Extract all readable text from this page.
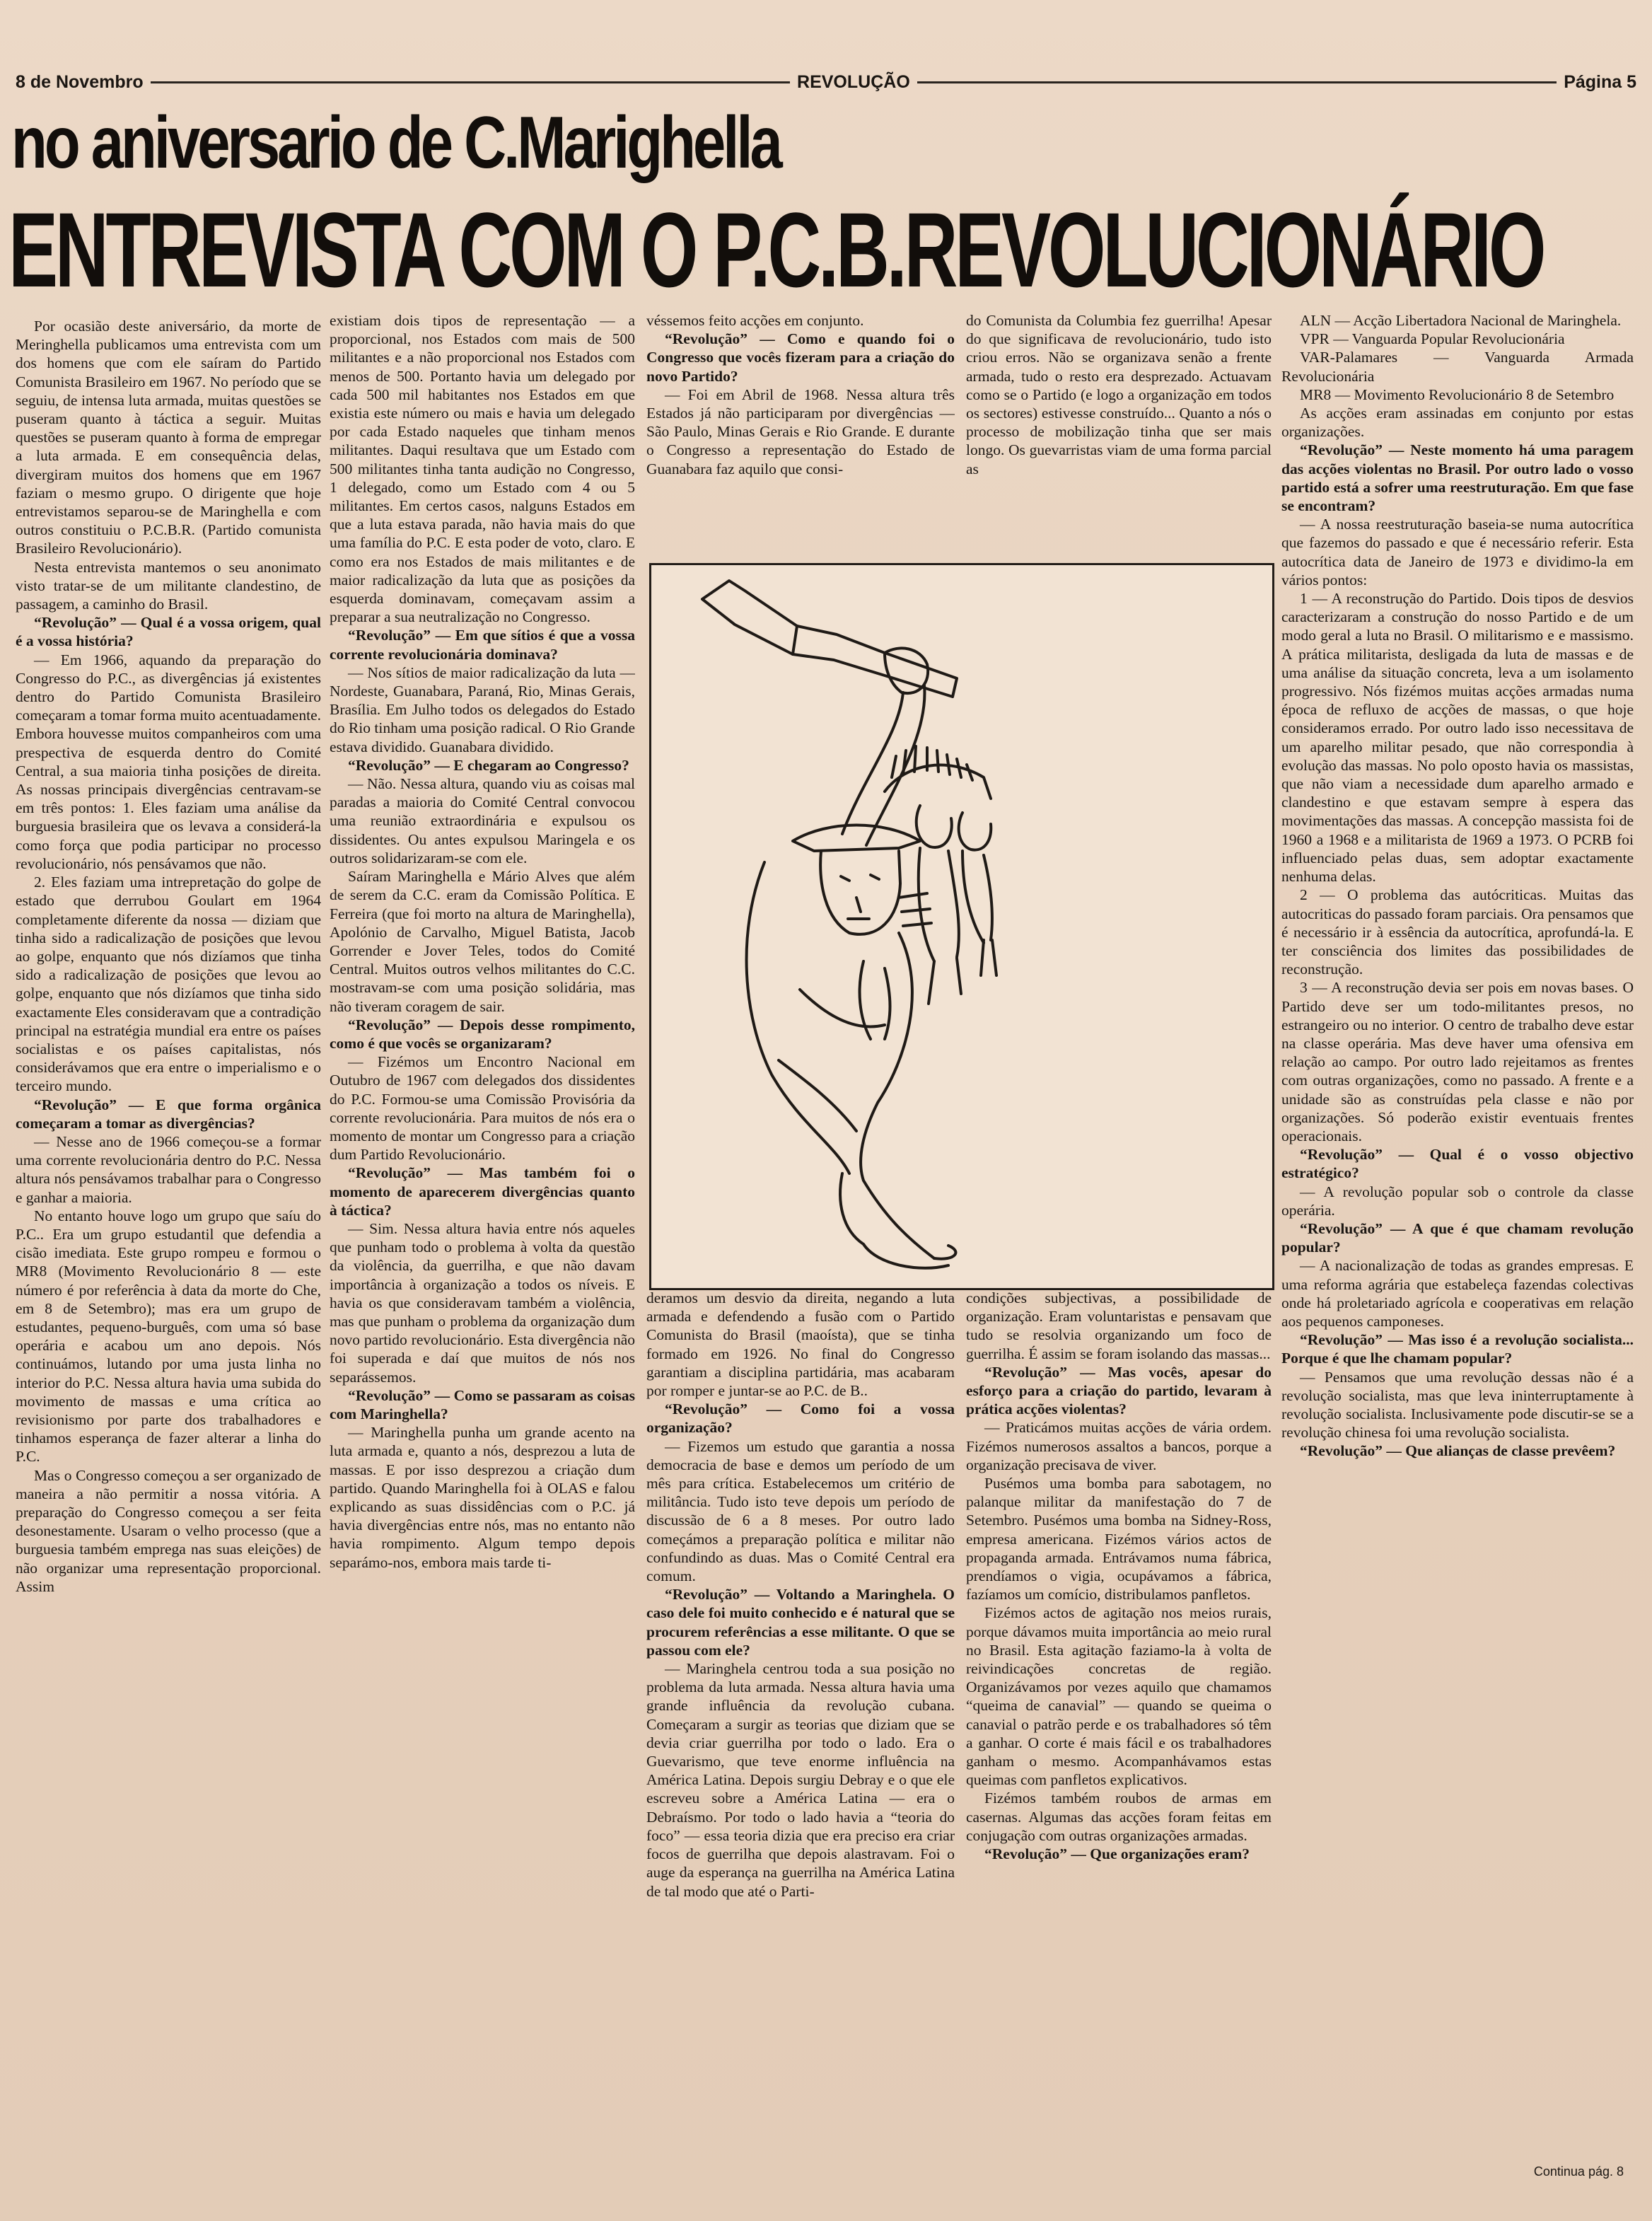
8 de Novembro	REVOLUÇÃO	Página 5
no aniversario de C.Marighella
ENTREVISTA COM O P.C.B.REVOLUCIONÁRIO

Por ocasião deste aniversário, da morte de Meringhella publicamos uma entrevista com um dos homens que com ele saíram do Partido Comunista Brasileiro em 1967. No período que se seguiu, de intensa luta armada, muitas questões se puseram quanto à táctica a seguir. Muitas questões se puseram quanto à forma de empregar a luta armada. E em consequência delas, divergiram muitos dos homens que em 1967 faziam o mesmo grupo. O dirigente que hoje entrevistamos separou-se de Maringhella e com outros constituiu o P.C.B.R. (Partido comunista Brasileiro Revolucionário).

Nesta entrevista mantemos o seu anonimato visto tratar-se de um militante clandestino, de passagem, a caminho do Brasil.

“Revolução” — Qual é a vossa origem, qual é a vossa história?

— Em 1966, aquando da preparação do Congresso do P.C., as divergências já existentes dentro do Partido Comunista Brasileiro começaram a tomar forma muito acentuadamente. Embora houvesse muitos companheiros com uma prespectiva de esquerda dentro do Comité Central, a sua maioria tinha posições de direita. As nossas principais divergências centravam-se em três pontos: 1. Eles faziam uma análise da burguesia brasileira que os levava a considerá-la como força que podia participar no processo revolucionário, nós pensávamos que não.

2. Eles faziam uma intrepretação do golpe de estado que derrubou Goulart em 1964 completamente diferente da nossa — diziam que tinha sido a radicalização de posições que levou ao golpe, enquanto que nós dizíamos que tinha sido a radicalização de posições que levou ao golpe, enquanto que nós dizíamos que tinha sido exactamente Eles consideravam que a contradição principal na estratégia mundial era entre os países socialistas e os países capitalistas, nós considerávamos que era entre o imperialismo e o terceiro mundo.

“Revolução” — E que forma orgânica começaram a tomar as divergências?

— Nesse ano de 1966 começou-se a formar uma corrente revolucionária dentro do P.C. Nessa altura nós pensávamos trabalhar para o Congresso e ganhar a maioria.

No entanto houve logo um grupo que saíu do P.C.. Era um grupo estudantil que defendia a cisão imediata. Este grupo rompeu e formou o MR8 (Movimento Revolucionário 8 — este número é por referência à data da morte do Che, em 8 de Setembro); mas era um grupo de estudantes, pequeno-burguês, com uma só base operária e acabou um ano depois. Nós continuámos, lutando por uma justa linha no interior do P.C. Nessa altura havia uma subida do movimento de massas e uma crítica ao revisionismo por parte dos trabalhadores e tinhamos esperança de fazer alterar a linha do P.C.

Mas o Congresso começou a ser organizado de maneira a não permitir a nossa vitória. A preparação do Congresso começou a ser feita desonestamente. Usaram o velho processo (que a burguesia também emprega nas suas eleições) de não organizar uma representação proporcional. Assim

existiam dois tipos de representação — a proporcional, nos Estados com mais de 500 militantes e a não proporcional nos Estados com menos de 500. Portanto havia um delegado por cada 500 mil habitantes nos Estados em que existia este número ou mais e havia um delegado por cada Estado naqueles que tinham menos militantes. Daqui resultava que um Estado com 500 militantes tinha tanta audição no Congresso, 1 delegado, como um Estado com 4 ou 5 militantes. Em certos casos, nalguns Estados em que a luta estava parada, não havia mais do que uma família do P.C. E esta poder de voto, claro. E como era nos Estados de mais militantes e de maior radicalização da luta que as posições da esquerda dominavam, começavam assim a preparar a sua neutralização no Congresso.

“Revolução” — Em que sítios é que a vossa corrente revolucionária dominava?

— Nos sítios de maior radicalização da luta — Nordeste, Guanabara, Paraná, Rio, Minas Gerais, Brasília. Em Julho todos os delegados do Estado do Rio tinham uma posição radical. O Rio Grande estava dividido. Guanabara dividido.

“Revolução” — E chegaram ao Congresso?

— Não. Nessa altura, quando viu as coisas mal paradas a maioria do Comité Central convocou uma reunião extraordinária e expulsou os dissidentes. Ou antes expulsou Maringela e os outros solidarizaram-se com ele.

Saíram Maringhella e Mário Alves que além de serem da C.C. eram da Comissão Política. E Ferreira (que foi morto na altura de Maringhella), Apolónio de Carvalho, Miguel Batista, Jacob Gorrender e Jover Teles, todos do Comité Central. Muitos outros velhos militantes do C.C. mostravam-se com uma posição solidária, mas não tiveram coragem de sair.

“Revolução” — Depois desse rompimento, como é que vocês se organizaram?

— Fizémos um Encontro Nacional em Outubro de 1967 com delegados dos dissidentes do P.C. Formou-se uma Comissão Provisória da corrente revolucionária. Para muitos de nós era o momento de montar um Congresso para a criação dum Partido Revolucionário.

“Revolução” — Mas também foi o momento de aparecerem divergências quanto à táctica?

— Sim. Nessa altura havia entre nós aqueles que punham todo o problema à volta da questão da violência, da guerrilha, e que não davam importância à organização a todos os níveis. E havia os que consideravam também a violência, mas que punham o problema da organização dum novo partido revolucionário. Esta divergência não foi superada e daí que muitos de nós nos separássemos.

“Revolução” — Como se passaram as coisas com Maringhella?

— Maringhella punha um grande acento na luta armada e, quanto a nós, desprezou a luta de massas. E por isso desprezou a criação dum partido. Quando Maringhella foi à OLAS e falou explicando as suas dissidências com o P.C. já havia divergências entre nós, mas no entanto não havia rompimento. Algum tempo depois separámo-nos, embora mais tarde ti-

véssemos feito acções em conjunto.

“Revolução” — Como e quando foi o Congresso que vocês fizeram para a criação do novo Partido?

— Foi em Abril de 1968. Nessa altura três Estados já não participaram por divergências — São Paulo, Minas Gerais e Rio Grande. E durante o Congresso a representação do Estado de Guanabara faz aquilo que consi-

do Comunista da Columbia fez guerrilha! Apesar do que significava de revolucionário, tudo isto criou erros. Não se organizava senão a frente armada, tudo o resto era desprezado. Actuavam como se o Partido (e logo a organização em todos os sectores) estivesse construído... Quanto a nós o processo de mobilização tinha que ser mais longo. Os guevarristas viam de uma forma parcial as

deramos um desvio da direita, negando a luta armada e defendendo a fusão com o Partido Comunista do Brasil (maoísta), que se tinha formado em 1926. No final do Congresso garantiam a disciplina partidária, mas acabaram por romper e juntar-se ao P.C. de B..

“Revolução” — Como foi a vossa organização?

— Fizemos um estudo que garantia a nossa democracia de base e demos um período de um mês para crítica. Estabelecemos um critério de militância. Tudo isto teve depois um período de discussão de 6 a 8 meses. Por outro lado começámos a preparação política e militar não confundindo as duas. Mas o Comité Central era comum.

“Revolução” — Voltando a Maringhela. O caso dele foi muito conhecido e é natural que se procurem referências a esse militante. O que se passou com ele?

— Maringhela centrou toda a sua posição no problema da luta armada. Nessa altura havia uma grande influência da revolução cubana. Começaram a surgir as teorias que diziam que se devia criar guerrilha por todo o lado. Era o Guevarismo, que teve enorme influência na América Latina. Depois surgiu Debray e o que ele escreveu sobre a América Latina — era o Debraísmo. Por todo o lado havia a “teoria do foco” — essa teoria dizia que era preciso era criar focos de guerrilha que depois alastravam. Foi o auge da esperança na guerrilha na América Latina de tal modo que até o Parti-

condições subjectivas, a possibilidade de organização. Eram voluntaristas e pensavam que tudo se resolvia organizando um foco de guerrilha. É assim se foram isolando das massas...

“Revolução” — Mas vocês, apesar do esforço para a criação do partido, levaram à prática acções violentas?

— Praticámos muitas acções de vária ordem. Fizémos numerosos assaltos a bancos, porque a organização precisava de viver.

Pusémos uma bomba para sabotagem, no palanque militar da manifestação do 7 de Setembro. Pusémos uma bomba na Sidney-Ross, empresa americana. Fizémos vários actos de propaganda armada. Entrávamos numa fábrica, prendíamos o vigia, ocupávamos a fábrica, fazíamos um comício, distribulamos panfletos.

Fizémos actos de agitação nos meios rurais, porque dávamos muita importância ao meio rural no Brasil. Esta agitação faziamo-la à volta de reivindicações concretas de região. Organizávamos por vezes aquilo que chamamos “queima de canavial” — quando se queima o canavial o patrão perde e os trabalhadores só têm a ganhar. O corte é mais fácil e os trabalhadores ganham o mesmo. Acompanhávamos estas queimas com panfletos explicativos.

Fizémos também roubos de armas em casernas. Algumas das acções foram feitas em conjugação com outras organizações armadas.

“Revolução” — Que organizações eram?

ALN — Acção Libertadora Nacional de Maringhela.

VPR — Vanguarda Popular Revolucionária

VAR-Palamares — Vanguarda Armada Revolucionária

MR8 — Movimento Revolucionário 8 de Setembro

As acções eram assinadas em conjunto por estas organizações.

“Revolução” — Neste momento há uma paragem das acções violentas no Brasil. Por outro lado o vosso partido está a sofrer uma reestruturação. Em que fase se encontram?

— A nossa reestruturação baseia-se numa autocrítica que fazemos do passado e que é necessário referir. Esta autocrítica data de Janeiro de 1973 e dividimo-la em vários pontos:

1 — A reconstrução do Partido. Dois tipos de desvios caracterizaram a construção do nosso Partido e de um modo geral a luta no Brasil. O militarismo e e massismo. A prática militarista, desligada da luta de massas e de uma análise da situação concreta, leva a um isolamento progressivo. Nós fizémos muitas acções armadas numa época de refluxo de acções de massas, o que hoje consideramos errado. Por outro lado isso necessitava de um aparelho militar pesado, que não correspondia à evolução das massas. No polo oposto havia os massistas, que não viam a necessidade dum aparelho armado e clandestino e que estavam sempre à espera das movimentações das massas. A concepção massista foi de 1960 a 1968 e a militarista de 1969 a 1973. O PCRB foi influenciado pelas duas, sem adoptar exactamente nenhuma delas.

2 — O problema das autócriticas. Muitas das autocriticas do passado foram parciais. Ora pensamos que é necessário ir à essência da autocrítica, aprofundá-la. E ter consciência dos limites das possibilidades de reconstrução.

3 — A reconstrução devia ser pois em novas bases. O Partido deve ser um todo-militantes presos, no estrangeiro ou no interior. O centro de trabalho deve estar na classe operária. Mas deve haver uma ofensiva em relação ao campo. Por outro lado rejeitamos as frentes com outras organizações, como no passado. A frente e a unidade são as construídas pela classe e não por organizações. Só poderão existir eventuais frentes operacionais.

“Revolução” — Qual é o vosso objectivo estratégico?

— A revolução popular sob o controle da classe operária.

“Revolução” — A que é que chamam revolução popular?

— A nacionalização de todas as grandes empresas. E uma reforma agrária que estabeleça fazendas colectivas onde há proletariado agrícola e cooperativas em relação aos pequenos camponeses.

“Revolução” — Mas isso é a revolução socialista... Porque é que lhe chamam popular?

— Pensamos que uma revolução dessas não é a revolução socialista, mas que leva ininterruptamente à revolução socialista. Inclusivamente pode discutir-se se a revolução chinesa foi uma revolução socialista.

“Revolução” — Que alianças de classe prevêem?

Continua pág. 8
